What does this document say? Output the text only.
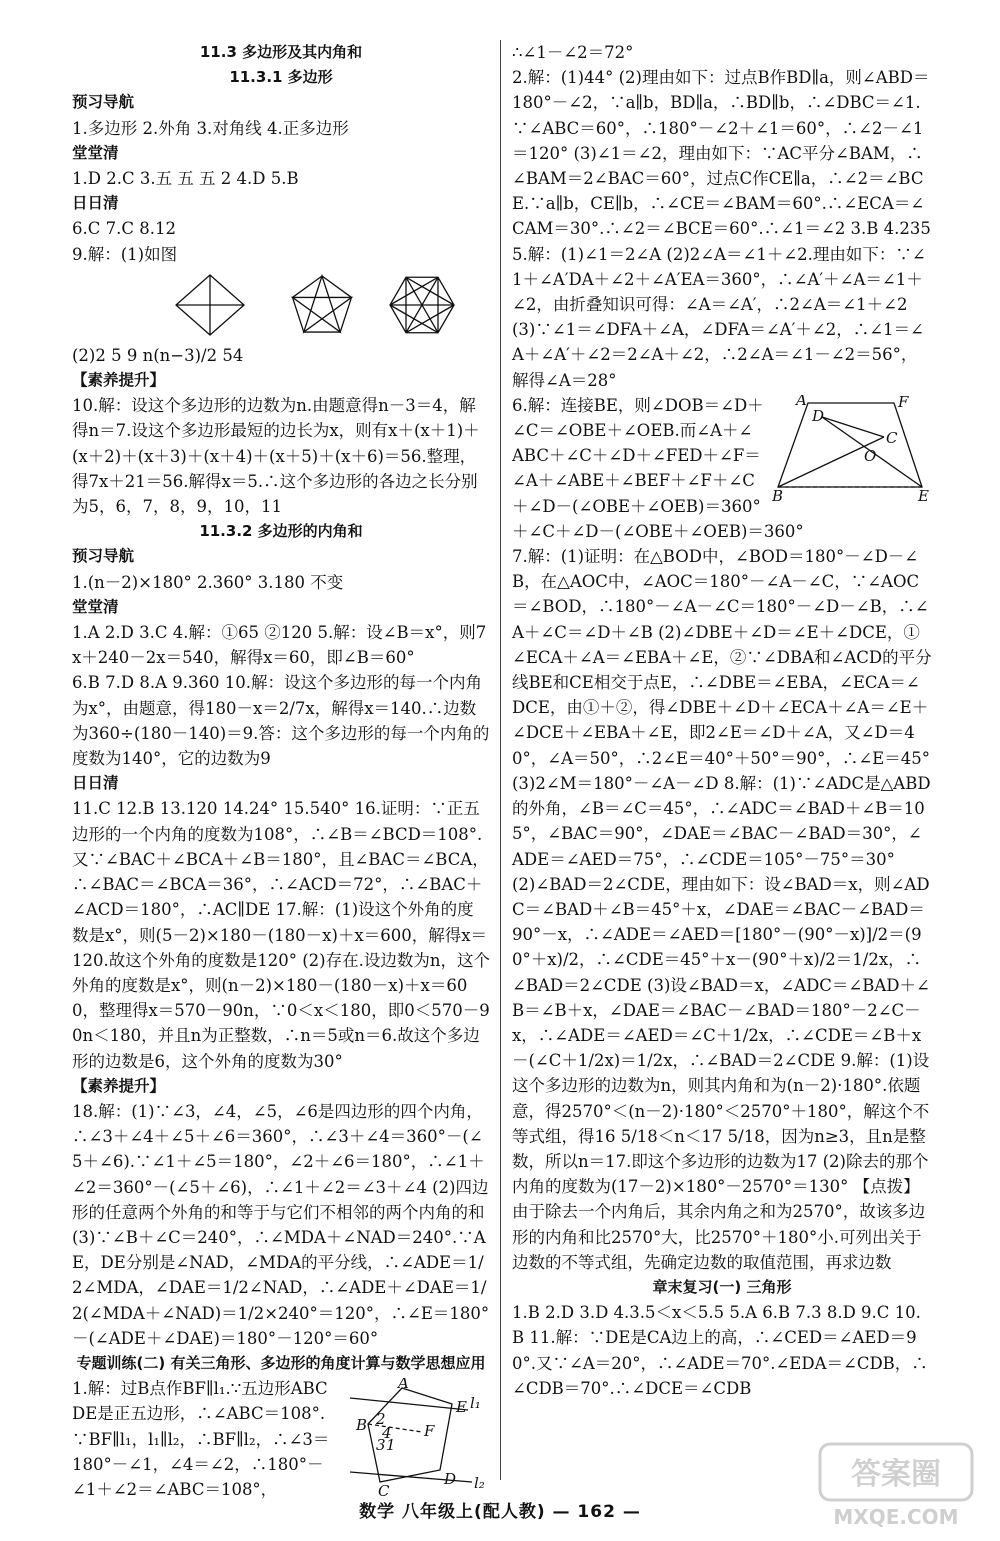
11.3 多边形及其内角和

11.3.1 多边形

预习导航

1.多边形 2.外角 3.对角线 4.正多边形

堂堂清

1.D 2.C 3.五 五 五 2 4.D 5.B

日日清

6.C 7.C 8.12

9.解：(1)如图

(2)2 5 9 n(n−3)/2 54

【素养提升】

10.解：设这个多边形的边数为n.由题意得n－3＝4，解得n＝7.设这个多边形最短的边长为x，则有x＋(x＋1)＋(x＋2)＋(x＋3)＋(x＋4)＋(x＋5)＋(x＋6)＝56.整理，得7x＋21＝56.解得x＝5.∴这个多边形的各边之长分别为5，6，7，8，9，10，11

11.3.2 多边形的内角和

预习导航

1.(n－2)×180° 2.360° 3.180 不变

堂堂清

1.A 2.D 3.C 4.解：①65 ②120 5.解：设∠B＝x°，则7x＋240－2x＝540，解得x＝60，即∠B＝60°

6.B 7.D 8.A 9.360 10.解：设这个多边形的每一个内角为x°，由题意，得180－x＝2/7x，解得x＝140.∴边数为360÷(180－140)＝9.答：这个多边形的每一个内角的度数为140°，它的边数为9

日日清

11.C 12.B 13.120 14.24° 15.540° 16.证明：∵正五边形的一个内角的度数为108°，∴∠B＝∠BCD＝108°.又∵∠BAC＋∠BCA＋∠B＝180°，且∠BAC＝∠BCA，∴∠BAC＝∠BCA＝36°，∴∠ACD＝72°，∴∠BAC＋∠ACD＝180°，∴AC∥DE 17.解：(1)设这个外角的度数是x°，则(5－2)×180－(180－x)＋x＝600，解得x＝120.故这个外角的度数是120° (2)存在.设边数为n，这个外角的度数是x°，则(n－2)×180－(180－x)＋x＝600，整理得x＝570－90n，∵0＜x＜180，即0＜570－90n＜180，并且n为正整数，∴n＝5或n＝6.故这个多边形的边数是6，这个外角的度数为30°

【素养提升】

18.解：(1)∵∠3，∠4，∠5，∠6是四边形的四个内角，∴∠3＋∠4＋∠5＋∠6＝360°，∴∠3＋∠4＝360°－(∠5＋∠6).∵∠1＋∠5＝180°，∠2＋∠6＝180°，∴∠1＋∠2＝360°－(∠5＋∠6)，∴∠1＋∠2＝∠3＋∠4 (2)四边形的任意两个外角的和等于与它们不相邻的两个内角的和 (3)∵∠B＋∠C＝240°，∴∠MDA＋∠NAD＝240°.∵AE，DE分别是∠NAD，∠MDA的平分线，∴∠ADE＝1/2∠MDA，∠DAE＝1/2∠NAD，∴∠ADE＋∠DAE＝1/2(∠MDA＋∠NAD)＝1/2×240°＝120°，∴∠E＝180°－(∠ADE＋∠DAE)＝180°－120°＝60°

专题训练(二) 有关三角形、多边形的角度计算与数学思想应用

A
B
C
D
E
F
l₁
l₂
2
4
3 1

1.解：过B点作BF∥l₁.∵五边形ABCDE是正五边形，∴∠ABC＝108°.∵BF∥l₁，l₁∥l₂，∴BF∥l₂，∴∠3＝180°－∠1，∠4＝∠2，∴180°－∠1＋∠2＝∠ABC＝108°，

∴∠1－∠2＝72°

2.解：(1)44° (2)理由如下：过点B作BD∥a，则∠ABD＝180°－∠2，∵a∥b，BD∥a，∴BD∥b，∴∠DBC＝∠1.∵∠ABC＝60°，∴180°－∠2＋∠1＝60°，∴∠2－∠1＝120° (3)∠1＝∠2，理由如下：∵AC平分∠BAM，∴∠BAM＝2∠BAC＝60°，过点C作CE∥a，∴∠2＝∠BCE.∵a∥b，CE∥b，∴∠CE＝∠BAM＝60°.∴∠ECA＝∠CAM＝30°.∴∠2＝∠BCE＝60°.∴∠1＝∠2 3.B 4.235 5.解：(1)∠1＝2∠A (2)2∠A＝∠1＋∠2.理由如下：∵∠1＋∠A′DA＋∠2＋∠A′EA＝360°，∴∠A′＋∠A＝∠1＋∠2，由折叠知识可得：∠A＝∠A′，∴2∠A＝∠1＋∠2 (3)∵∠1＝∠DFA＋∠A，∠DFA＝∠A′＋∠2，∴∠1＝∠A＋∠A′＋∠2＝2∠A＋∠2，∴2∠A＝∠1－∠2＝56°，解得∠A＝28°

A	F
D
C
O
B	E

6.解：连接BE，则∠DOB＝∠D＋∠C＝∠OBE＋∠OEB.而∠A＋∠ABC＋∠C＋∠D＋∠FED＋∠F＝∠A＋∠ABE＋∠BEF＋∠F＋∠C＋∠D－(∠OBE＋∠OEB)＝360°＋∠C＋∠D－(∠OBE＋∠OEB)＝360°

7.解：(1)证明：在△BOD中，∠BOD＝180°－∠D－∠B，在△AOC中，∠AOC＝180°－∠A－∠C，∵∠AOC＝∠BOD，∴180°－∠A－∠C＝180°－∠D－∠B，∴∠A＋∠C＝∠D＋∠B (2)∠DBE＋∠D＝∠E＋∠DCE，①∠ECA＋∠A＝∠EBA＋∠E，②∵∠DBA和∠ACD的平分线BE和CE相交于点E，∴∠DBE＝∠EBA，∠ECA＝∠DCE，由①＋②，得∠DBE＋∠D＋∠ECA＋∠A＝∠E＋∠DCE＋∠EBA＋∠E，即2∠E＝∠D＋∠A，又∠D＝40°，∠A＝50°，∴2∠E＝40°＋50°＝90°，∴∠E＝45° (3)2∠M＝180°－∠A－∠D 8.解：(1)∵∠ADC是△ABD的外角，∠B＝∠C＝45°，∴∠ADC＝∠BAD＋∠B＝105°，∠BAC＝90°，∠DAE＝∠BAC－∠BAD＝30°，∠ADE＝∠AED＝75°，∴∠CDE＝105°－75°＝30°

(2)∠BAD＝2∠CDE，理由如下：设∠BAD＝x，则∠ADC＝∠BAD＋∠B＝45°＋x，∠DAE＝∠BAC－∠BAD＝90°－x，∴∠ADE＝∠AED＝[180°－(90°－x)]/2＝(90°＋x)/2，∴∠CDE＝45°＋x－(90°＋x)/2＝1/2x，∴∠BAD＝2∠CDE (3)设∠BAD＝x，∠ADC＝∠BAD＋∠B＝∠B＋x，∠DAE＝∠BAC－∠BAD＝180°－2∠C－x，∴∠ADE＝∠AED＝∠C＋1/2x，∴∠CDE＝∠B＋x－(∠C＋1/2x)＝1/2x，∴∠BAD＝2∠CDE 9.解：(1)设这个多边形的边数为n，则其内角和为(n－2)·180°.依题意，得2570°＜(n－2)·180°＜2570°＋180°，解这个不等式组，得16 5/18＜n＜17 5/18，因为n≥3，且n是整数，所以n＝17.即这个多边形的边数为17 (2)除去的那个内角的度数为(17－2)×180°－2570°＝130° 【点拨】由于除去一个内角后，其余内角之和为2570°，故该多边形的内角和比2570°大，比2570°＋180°小.可列出关于边数的不等式组，先确定边数的取值范围，再求边数

章末复习(一) 三角形

1.B 2.D 3.D 4.3.5＜x＜5.5 5.A 6.B 7.3 8.D 9.C 10.B 11.解：∵DE是CA边上的高，∴∠CED＝∠AED＝90°.又∵∠A＝20°，∴∠ADE＝70°.∠EDA＝∠CDB，∴∠CDB＝70°.∴∠DCE＝∠CDB

数学 八年级上(配人教) — 162 —
答案圈
MXQE.COM
